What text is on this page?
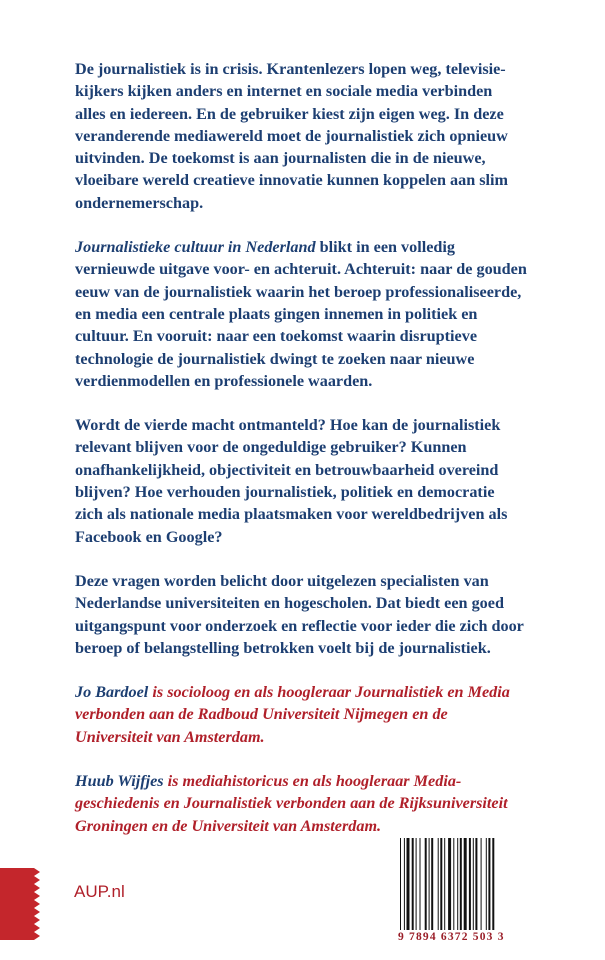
De journalistiek is in crisis. Krantenlezers lopen weg, televisie-
kijkers kijken anders en internet en sociale media verbinden
alles en iedereen. En de gebruiker kiest zijn eigen weg. In deze
veranderende mediawereld moet de journalistiek zich opnieuw
uitvinden. De toekomst is aan journalisten die in de nieuwe,
vloeibare wereld creatieve innovatie kunnen koppelen aan slim
ondernemerschap.

Journalistieke cultuur in Nederland blikt in een volledig
vernieuwde uitgave voor- en achteruit. Achteruit: naar de gouden
eeuw van de journalistiek waarin het beroep professionaliseerde,
en media een centrale plaats gingen innemen in politiek en
cultuur. En vooruit: naar een toekomst waarin disruptieve
technologie de journalistiek dwingt te zoeken naar nieuwe
verdienmodellen en professionele waarden.

Wordt de vierde macht ontmanteld? Hoe kan de journalistiek
relevant blijven voor de ongeduldige gebruiker? Kunnen
onafhankelijkheid, objectiviteit en betrouwbaarheid overeind
blijven? Hoe verhouden journalistiek, politiek en democratie
zich als nationale media plaatsmaken voor wereldbedrijven als
Facebook en Google?

Deze vragen worden belicht door uitgelezen specialisten van
Nederlandse universiteiten en hogescholen. Dat biedt een goed
uitgangspunt voor onderzoek en reflectie voor ieder die zich door
beroep of belangstelling betrokken voelt bij de journalistiek.

Jo Bardoel is socioloog en als hoogleraar Journalistiek en Media
verbonden aan de Radboud Universiteit Nijmegen en de
Universiteit van Amsterdam.

Huub Wijfjes is mediahistoricus en als hoogleraar Media-
geschiedenis en Journalistiek verbonden aan de Rijksuniversiteit
Groningen en de Universiteit van Amsterdam.

AUP.nl
9 7894 6372 503 3
